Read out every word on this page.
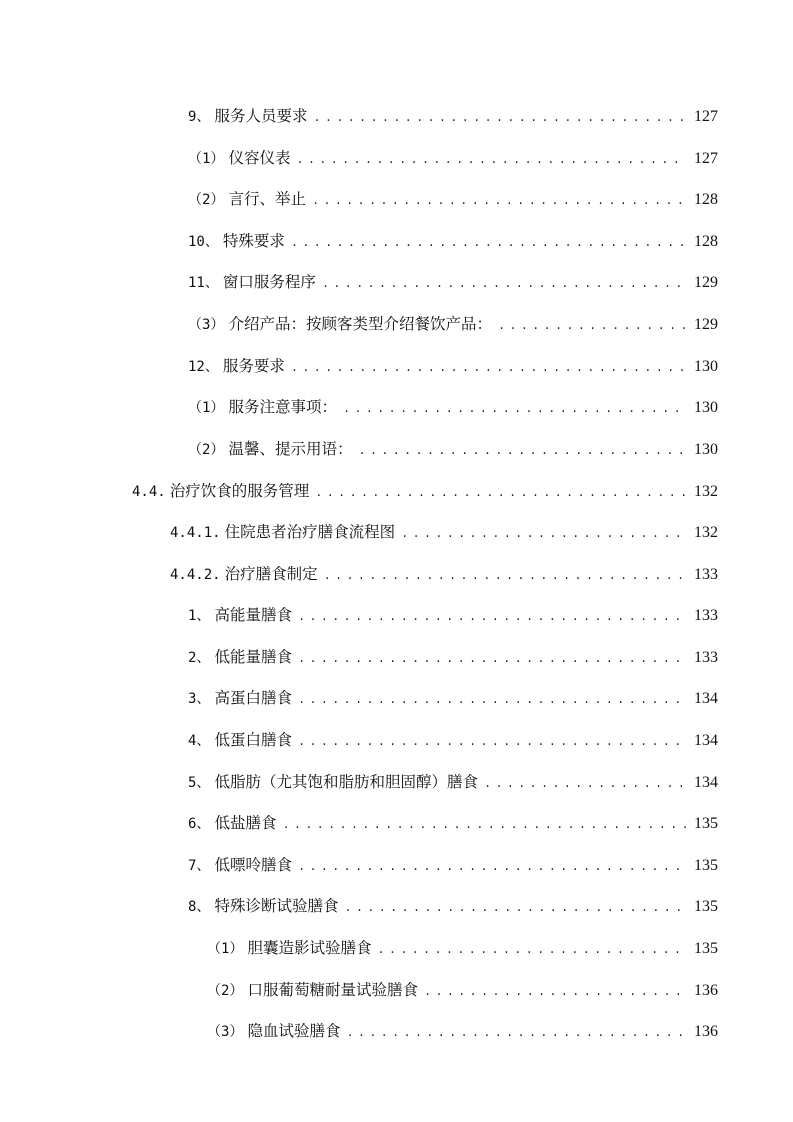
9、 服务人员要求 .....	127
（1） 仪容仪表 .....	127
（2） 言行、举止 .....	128
10、 特殊要求 .....	128
11、 窗口服务程序 .....	129
（3） 介绍产品：按顾客类型介绍餐饮产品： .....	129
12、 服务要求 .....	130
（1） 服务注意事项： .....	130
（2） 温馨、提示用语： .....	130
4.4. 治疗饮食的服务管理 .....	132
4.4.1. 住院患者治疗膳食流程图 .....	132
4.4.2. 治疗膳食制定 .....	133
1、 高能量膳食 .....	133
2、 低能量膳食 .....	133
3、 高蛋白膳食 .....	134
4、 低蛋白膳食 .....	134
5、 低脂肪（尤其饱和脂肪和胆固醇）膳食 .....	134
6、 低盐膳食 .....	135
7、 低嘌呤膳食 .....	135
8、 特殊诊断试验膳食 .....	135
（1） 胆囊造影试验膳食 .....	135
（2） 口服葡萄糖耐量试验膳食 .....	136
（3） 隐血试验膳食 .....	136
